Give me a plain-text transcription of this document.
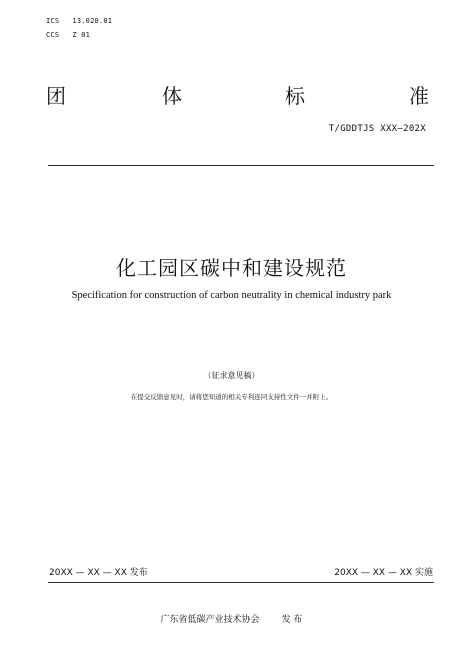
ICS 13.020.01
CCS Z 01
团	体	标	准
T/GDDTJS XXX—202X
化工园区碳中和建设规范
Specification for construction of carbon neutrality in chemical industry park
（征求意见稿）
在提交反馈意见时，请将您知道的相关专利连同支持性文件一并附上。
20XX — XX — XX 发布	20XX — XX — XX 实施
广东省低碳产业技术协会 发 布
